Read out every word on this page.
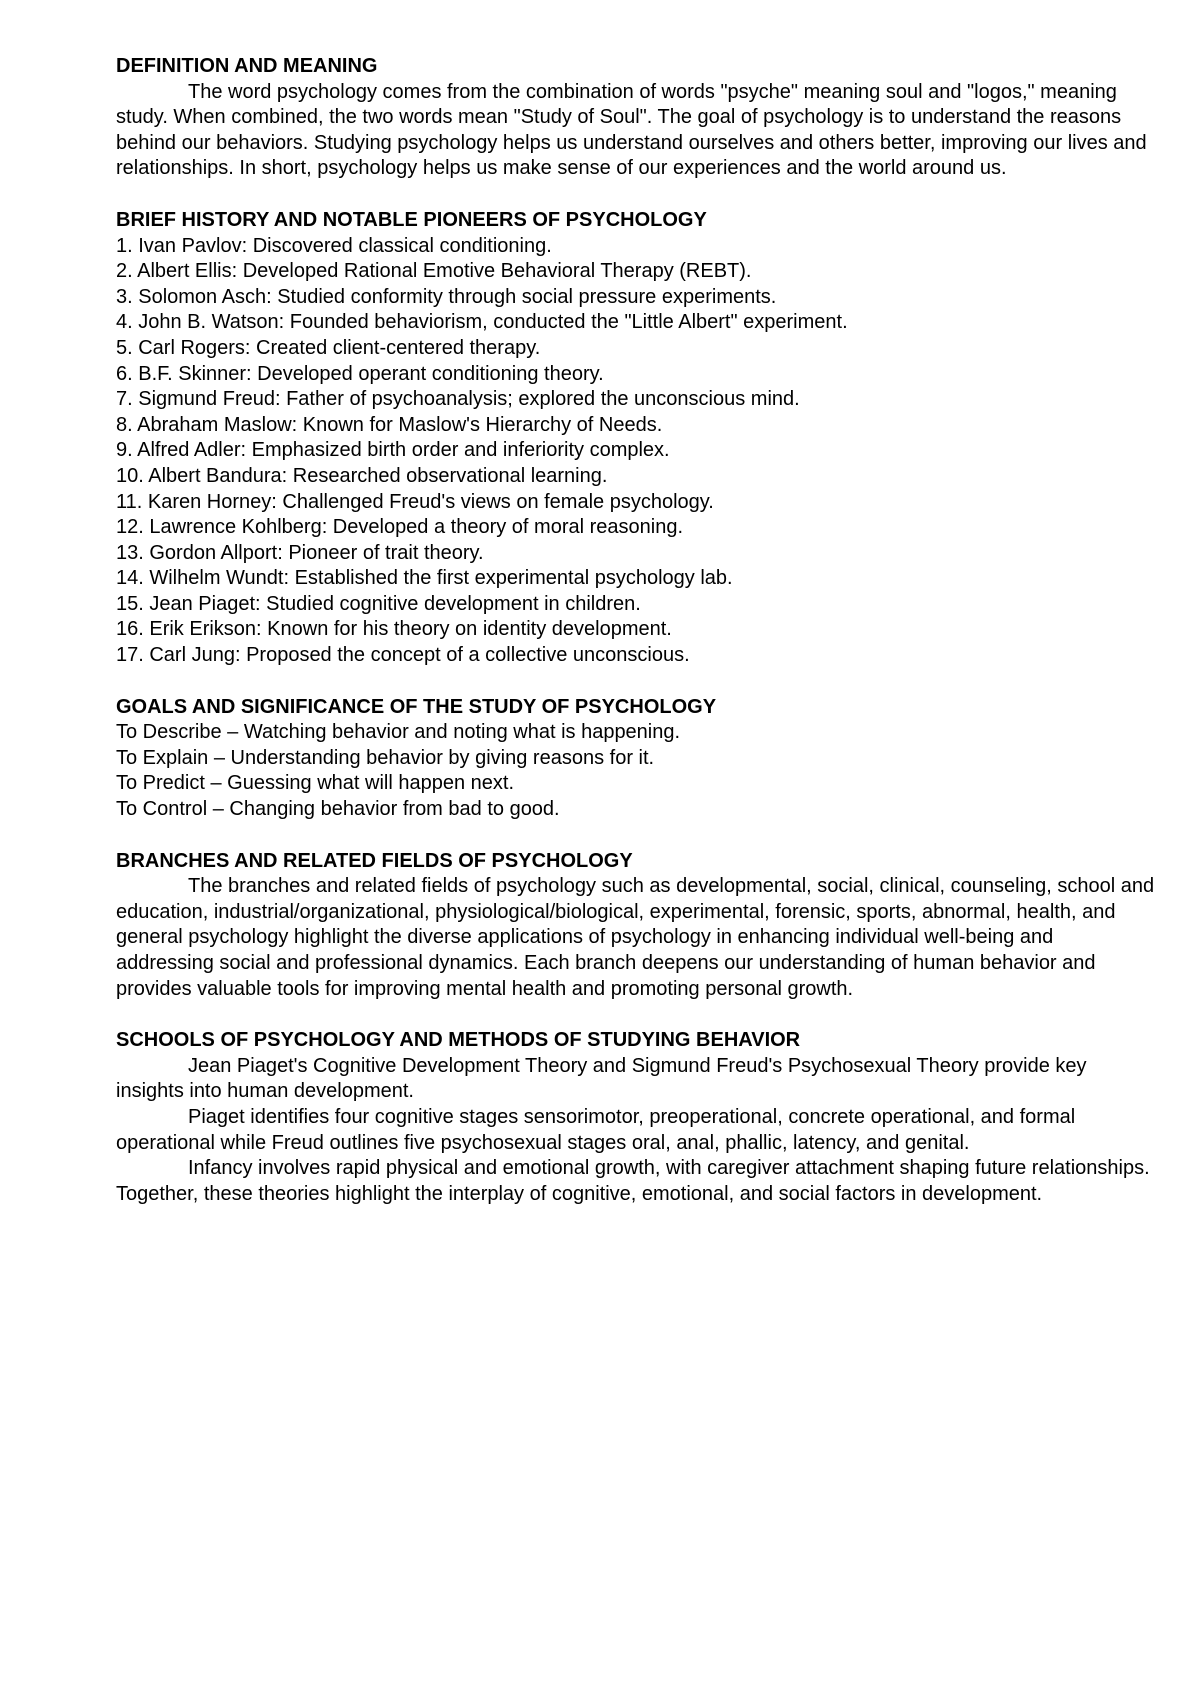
DEFINITION AND MEANING

The word psychology comes from the combination of words "psyche" meaning soul and "logos," meaning study. When combined, the two words mean "Study of Soul". The goal of psychology is to understand the reasons behind our behaviors. Studying psychology helps us understand ourselves and others better, improving our lives and relationships. In short, psychology helps us make sense of our experiences and the world around us.

BRIEF HISTORY AND NOTABLE PIONEERS OF PSYCHOLOGY
1. Ivan Pavlov: Discovered classical conditioning.
2. Albert Ellis: Developed Rational Emotive Behavioral Therapy (REBT).
3. Solomon Asch: Studied conformity through social pressure experiments.
4. John B. Watson: Founded behaviorism, conducted the "Little Albert" experiment.
5. Carl Rogers: Created client-centered therapy.
6. B.F. Skinner: Developed operant conditioning theory.
7. Sigmund Freud: Father of psychoanalysis; explored the unconscious mind.
8. Abraham Maslow: Known for Maslow's Hierarchy of Needs.
9. Alfred Adler: Emphasized birth order and inferiority complex.
10. Albert Bandura: Researched observational learning.
11. Karen Horney: Challenged Freud's views on female psychology.
12. Lawrence Kohlberg: Developed a theory of moral reasoning.
13. Gordon Allport: Pioneer of trait theory.
14. Wilhelm Wundt: Established the first experimental psychology lab.
15. Jean Piaget: Studied cognitive development in children.
16. Erik Erikson: Known for his theory on identity development.
17. Carl Jung: Proposed the concept of a collective unconscious.
GOALS AND SIGNIFICANCE OF THE STUDY OF PSYCHOLOGY
To Describe – Watching behavior and noting what is happening.
To Explain – Understanding behavior by giving reasons for it.
To Predict – Guessing what will happen next.
To Control – Changing behavior from bad to good.
BRANCHES AND RELATED FIELDS OF PSYCHOLOGY

The branches and related fields of psychology such as developmental, social, clinical, counseling, school and education, industrial/organizational, physiological/biological, experimental, forensic, sports, abnormal, health, and general psychology highlight the diverse applications of psychology in enhancing individual well-being and addressing social and professional dynamics. Each branch deepens our understanding of human behavior and provides valuable tools for improving mental health and promoting personal growth.

SCHOOLS OF PSYCHOLOGY AND METHODS OF STUDYING BEHAVIOR

Jean Piaget's Cognitive Development Theory and Sigmund Freud's Psychosexual Theory provide key insights into human development.

Piaget identifies four cognitive stages sensorimotor, preoperational, concrete operational, and formal operational while Freud outlines five psychosexual stages oral, anal, phallic, latency, and genital.

Infancy involves rapid physical and emotional growth, with caregiver attachment shaping future relationships. Together, these theories highlight the interplay of cognitive, emotional, and social factors in development.
